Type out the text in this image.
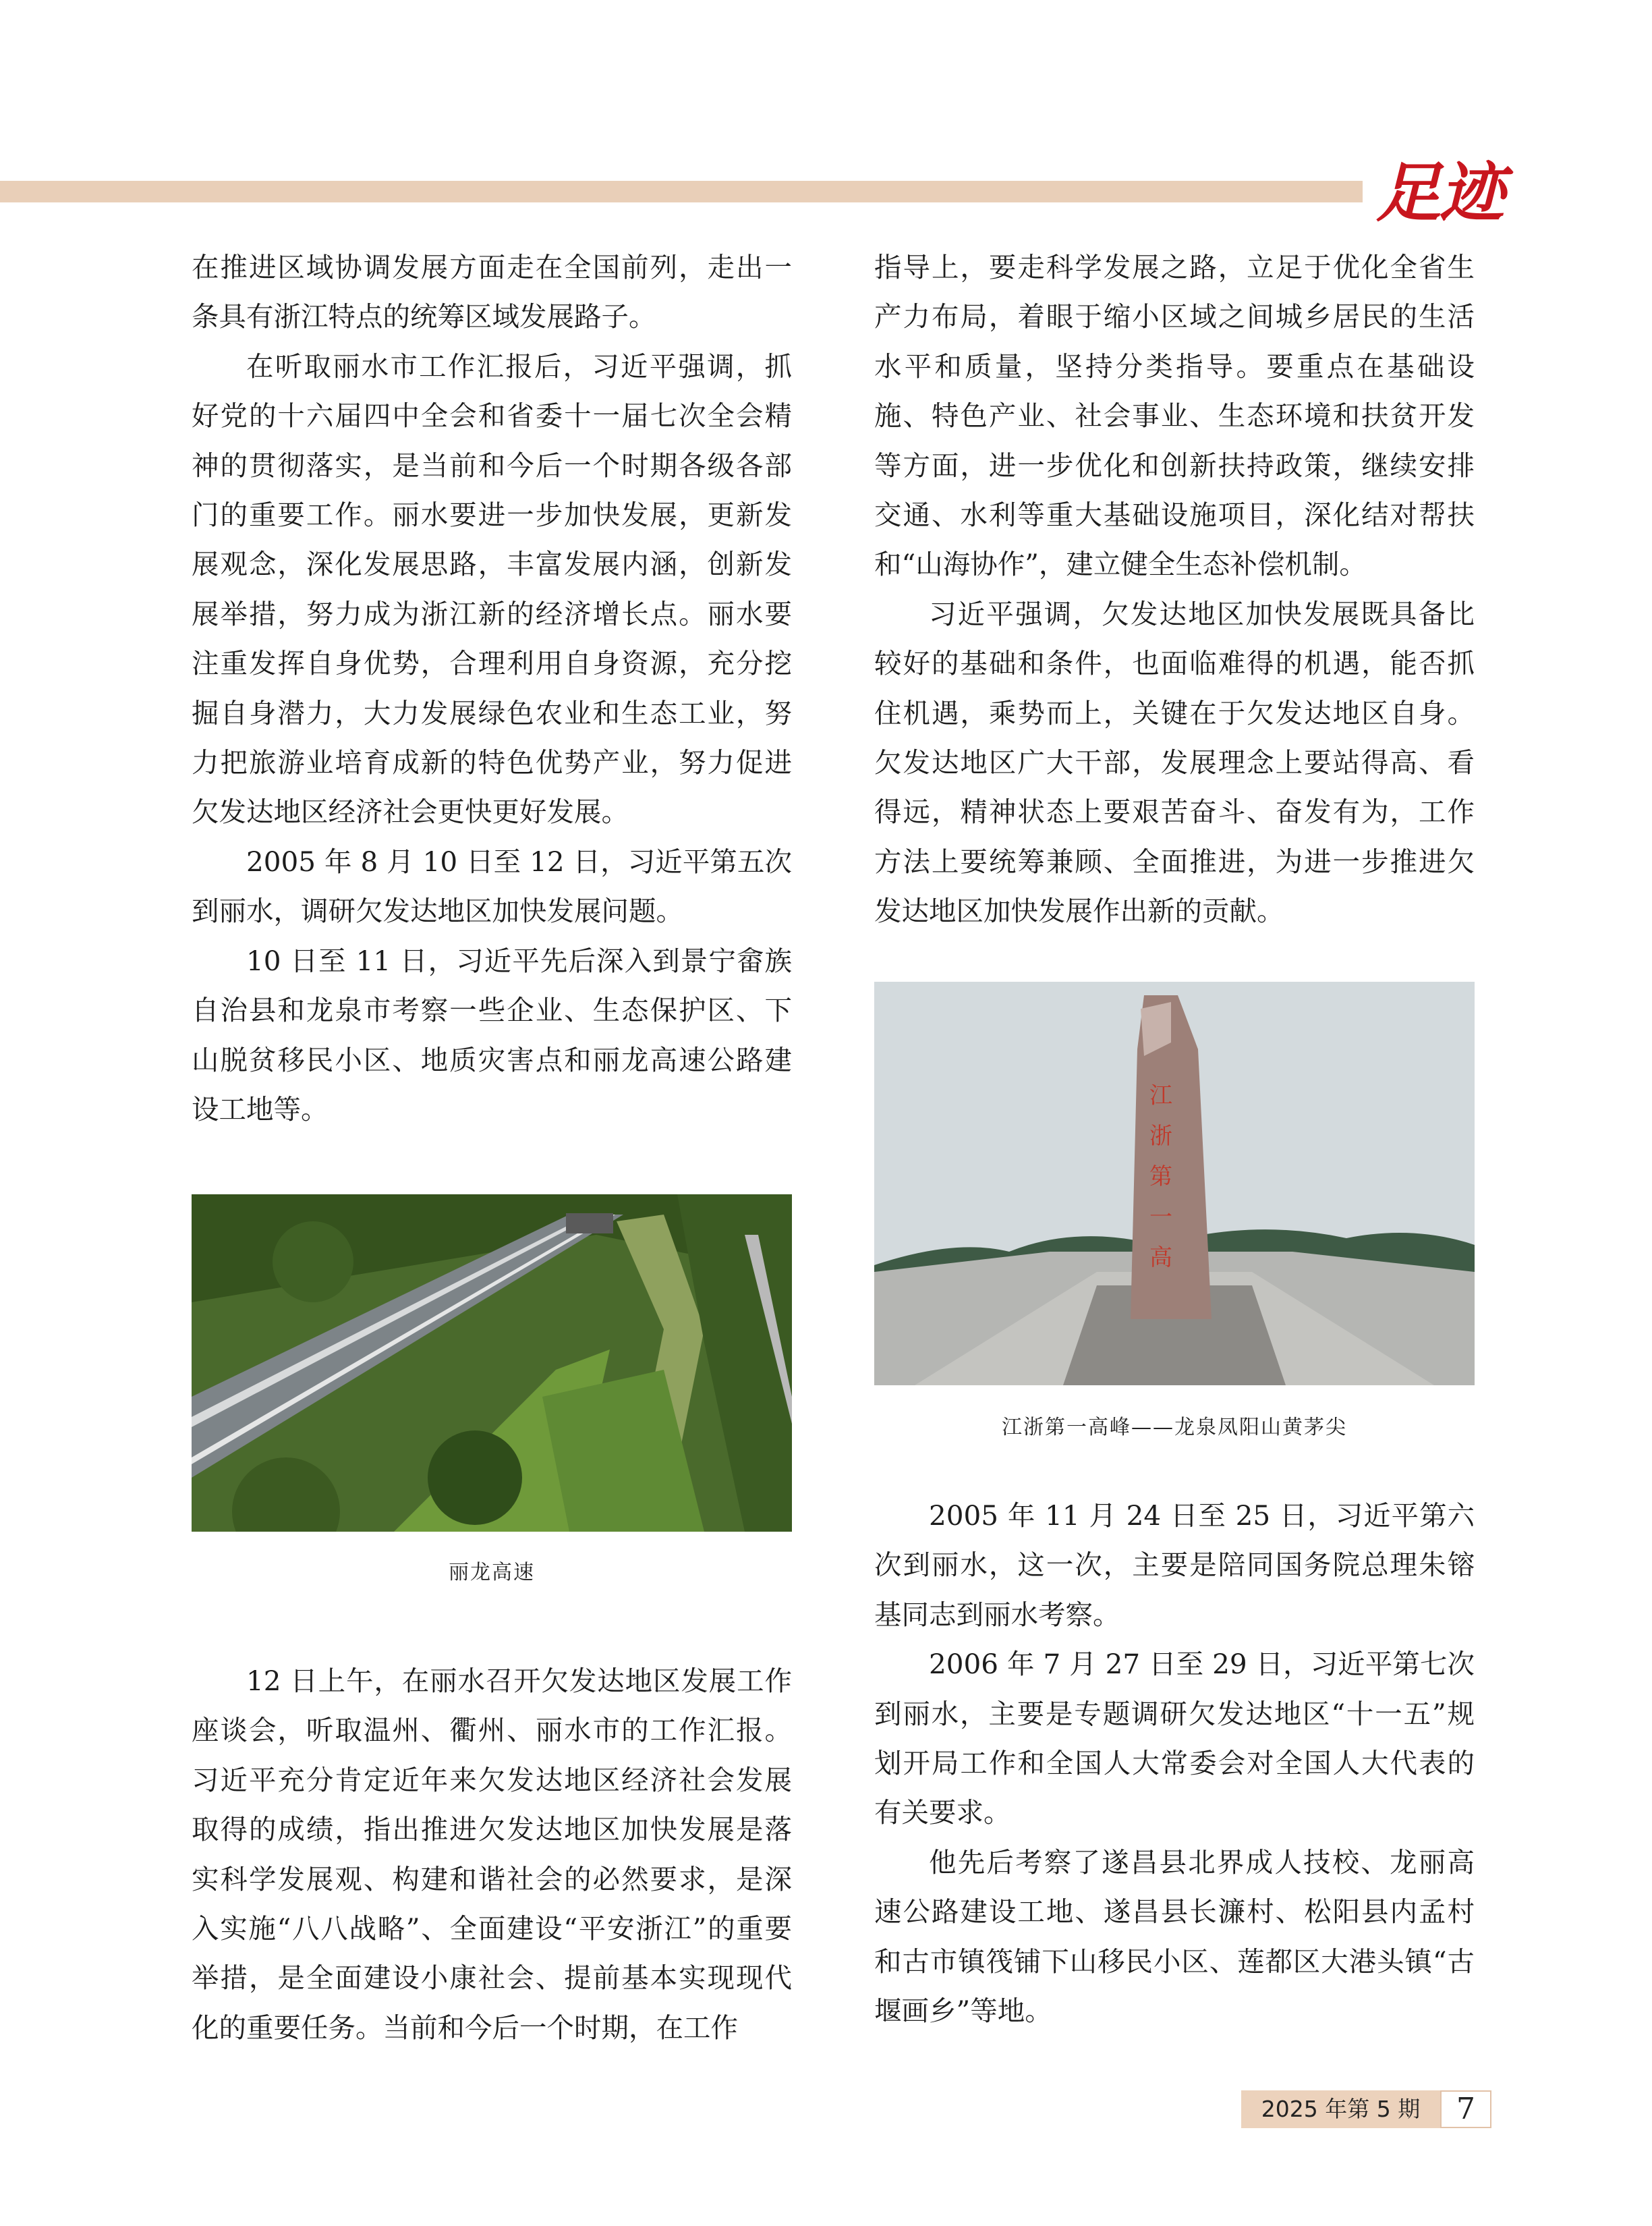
足迹

在推进区域协调发展方面走在全国前列，走出一条具有浙江特点的统筹区域发展路子。

在听取丽水市工作汇报后，习近平强调，抓好党的十六届四中全会和省委十一届七次全会精神的贯彻落实，是当前和今后一个时期各级各部门的重要工作。丽水要进一步加快发展，更新发展观念，深化发展思路，丰富发展内涵，创新发展举措，努力成为浙江新的经济增长点。丽水要注重发挥自身优势，合理利用自身资源，充分挖掘自身潜力，大力发展绿色农业和生态工业，努力把旅游业培育成新的特色优势产业，努力促进欠发达地区经济社会更快更好发展。

2005 年 8 月 10 日至 12 日，习近平第五次到丽水，调研欠发达地区加快发展问题。

10 日至 11 日，习近平先后深入到景宁畲族自治县和龙泉市考察一些企业、生态保护区、下山脱贫移民小区、地质灾害点和丽龙高速公路建设工地等。

丽龙高速

12 日上午，在丽水召开欠发达地区发展工作座谈会，听取温州、衢州、丽水市的工作汇报。习近平充分肯定近年来欠发达地区经济社会发展取得的成绩，指出推进欠发达地区加快发展是落实科学发展观、构建和谐社会的必然要求，是深入实施“八八战略”、全面建设“平安浙江”的重要举措，是全面建设小康社会、提前基本实现现代化的重要任务。当前和今后一个时期，在工作

指导上，要走科学发展之路，立足于优化全省生产力布局，着眼于缩小区域之间城乡居民的生活水平和质量，坚持分类指导。要重点在基础设施、特色产业、社会事业、生态环境和扶贫开发等方面，进一步优化和创新扶持政策，继续安排交通、水利等重大基础设施项目，深化结对帮扶和“山海协作”，建立健全生态补偿机制。

习近平强调，欠发达地区加快发展既具备比较好的基础和条件，也面临难得的机遇，能否抓住机遇，乘势而上，关键在于欠发达地区自身。欠发达地区广大干部，发展理念上要站得高、看得远，精神状态上要艰苦奋斗、奋发有为，工作方法上要统筹兼顾、全面推进，为进一步推进欠发达地区加快发展作出新的贡献。

江
浙
第
一
高
江浙第一高峰——龙泉凤阳山黄茅尖

2005 年 11 月 24 日至 25 日，习近平第六次到丽水，这一次，主要是陪同国务院总理朱镕基同志到丽水考察。

2006 年 7 月 27 日至 29 日，习近平第七次到丽水，主要是专题调研欠发达地区“十一五”规划开局工作和全国人大常委会对全国人大代表的有关要求。

他先后考察了遂昌县北界成人技校、龙丽高速公路建设工地、遂昌县长濂村、松阳县内孟村和古市镇筏铺下山移民小区、莲都区大港头镇“古堰画乡”等地。

2025 年第 5 期	7
